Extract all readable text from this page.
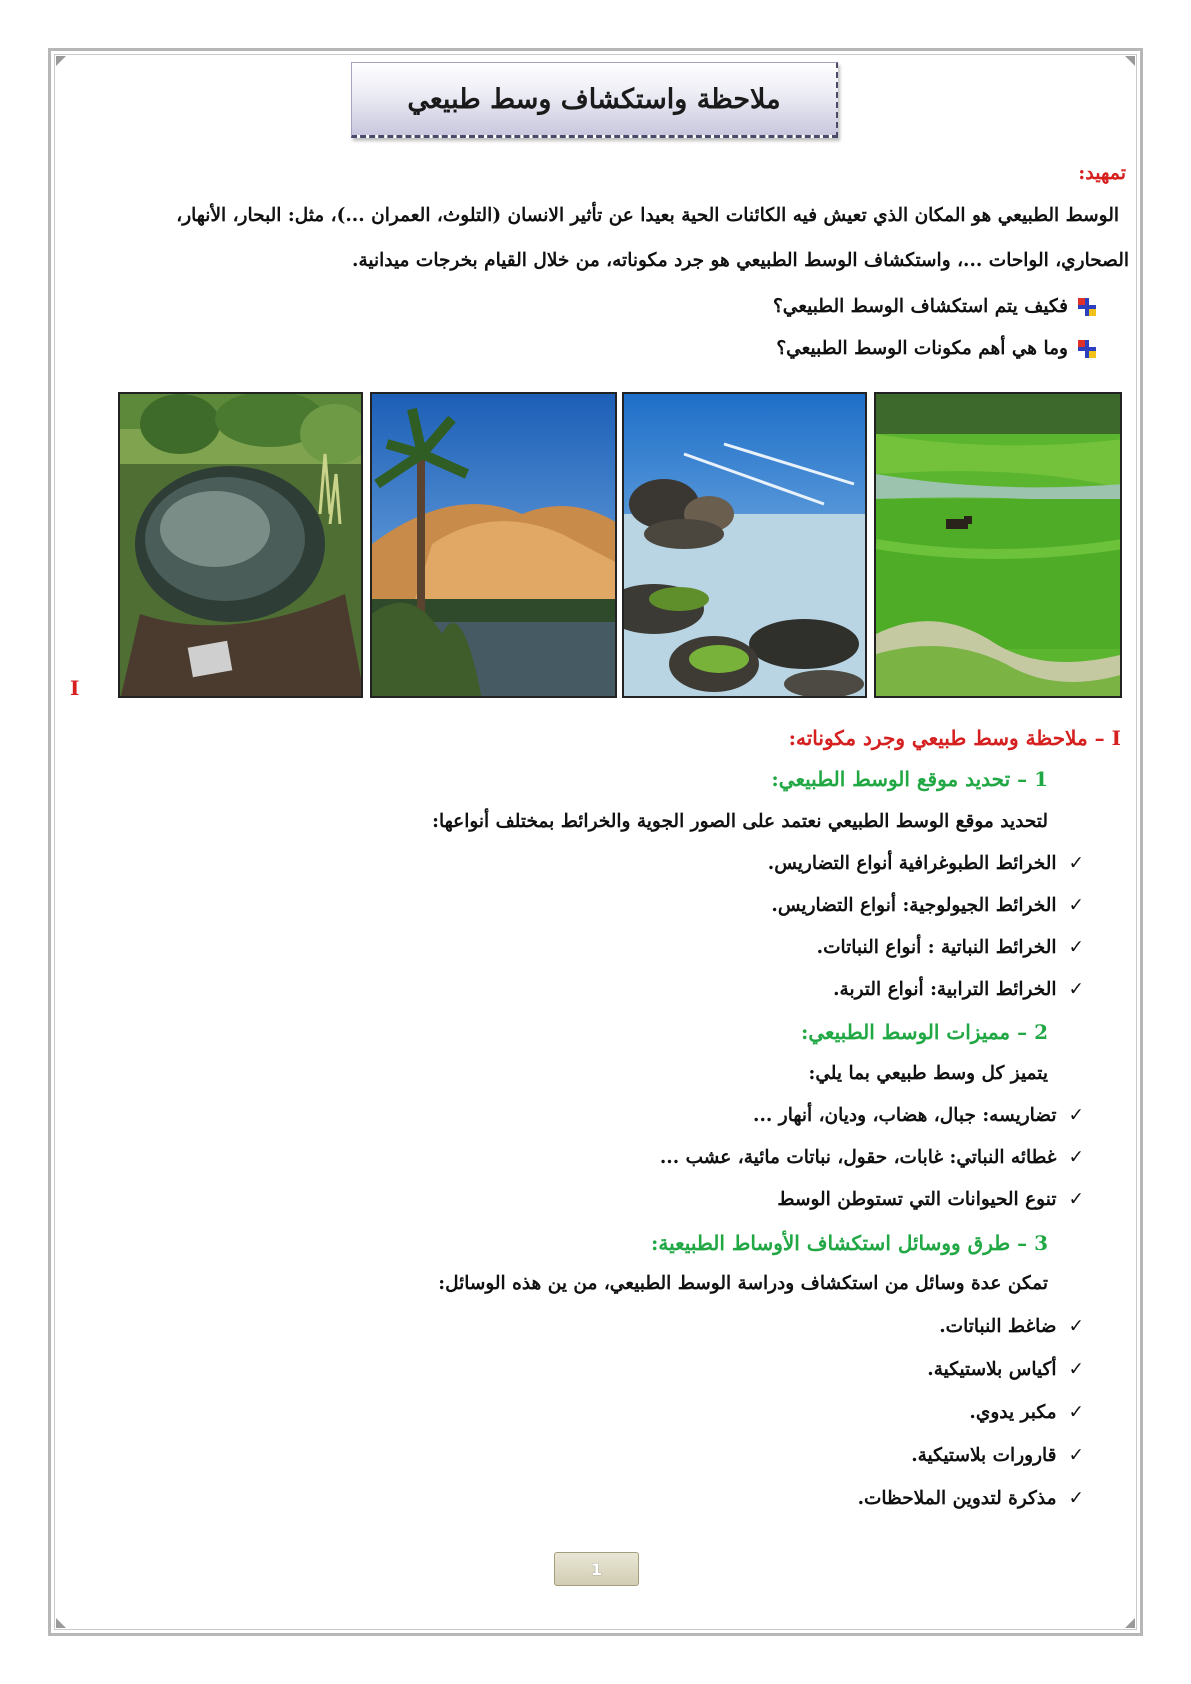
ملاحظة واستكشاف وسط طبيعي
تمهيد:
الوسط الطبيعي هو المكان الذي تعيش فيه الكائنات الحية بعيدا عن تأثير الانسان (التلوث، العمران ...)، مثل: البحار، الأنهار،
الصحاري، الواحات ...، واستكشاف الوسط الطبيعي هو جرد مكوناته، من خلال القيام بخرجات ميدانية.
فكيف يتم استكشاف الوسط الطبيعي؟
وما هي أهم مكونات الوسط الطبيعي؟
I
I – ملاحظة وسط طبيعي وجرد مكوناته:
1 – تحديد موقع الوسط الطبيعي:
لتحديد موقع الوسط الطبيعي نعتمد على الصور الجوية والخرائط بمختلف أنواعها:
✓الخرائط الطبوغرافية أنواع التضاريس.
✓الخرائط الجيولوجية: أنواع التضاريس.
✓الخرائط النباتية : أنواع النباتات.
✓الخرائط الترابية: أنواع التربة.
2 – مميزات الوسط الطبيعي:
يتميز كل وسط طبيعي بما يلي:
✓تضاريسه: جبال، هضاب، وديان، أنهار ...
✓غطائه النباتي: غابات، حقول، نباتات مائية، عشب ...
✓تنوع الحيوانات التي تستوطن الوسط
3 – طرق ووسائل استكشاف الأوساط الطبيعية:
تمكن عدة وسائل من استكشاف ودراسة الوسط الطبيعي، من ين هذه الوسائل:
✓ضاغط النباتات.
✓أكياس بلاستيكية.
✓مكبر يدوي.
✓قارورات بلاستيكية.
✓مذكرة لتدوين الملاحظات.
1
